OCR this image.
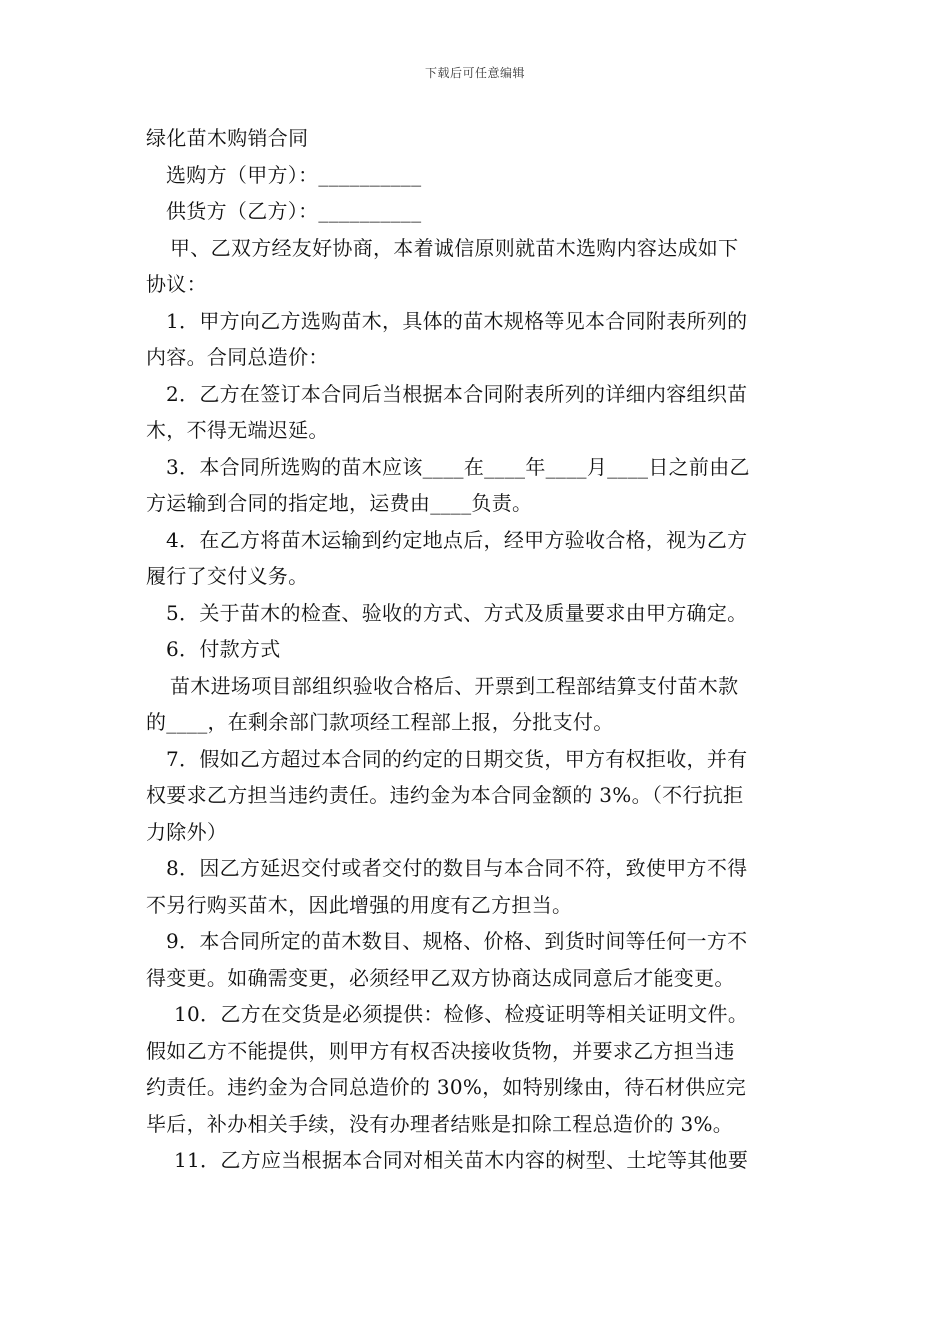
下载后可任意编辑
绿化苗木购销合同
选购方（甲方）：__________
供货方（乙方）：__________
甲、乙双方经友好协商，本着诚信原则就苗木选购内容达成如下
协议：
1．甲方向乙方选购苗木，具体的苗木规格等见本合同附表所列的
内容。合同总造价：
2．乙方在签订本合同后当根据本合同附表所列的详细内容组织苗
木，不得无端迟延。
3．本合同所选购的苗木应该____在____年____月____日之前由乙
方运输到合同的指定地，运费由____负责。
4．在乙方将苗木运输到约定地点后，经甲方验收合格，视为乙方
履行了交付义务。
5．关于苗木的检查、验收的方式、方式及质量要求由甲方确定。
6．付款方式
苗木进场项目部组织验收合格后、开票到工程部结算支付苗木款
的____，在剩余部门款项经工程部上报，分批支付。
7．假如乙方超过本合同的约定的日期交货，甲方有权拒收，并有
权要求乙方担当违约责任。违约金为本合同金额的 3%。（不行抗拒
力除外）
8．因乙方延迟交付或者交付的数目与本合同不符，致使甲方不得
不另行购买苗木，因此增强的用度有乙方担当。
9．本合同所定的苗木数目、规格、价格、到货时间等任何一方不
得变更。如确需变更，必须经甲乙双方协商达成同意后才能变更。
10．乙方在交货是必须提供：检修、检疫证明等相关证明文件。
假如乙方不能提供，则甲方有权否决接收货物，并要求乙方担当违
约责任。违约金为合同总造价的 30%，如特别缘由，待石材供应完
毕后，补办相关手续，没有办理者结账是扣除工程总造价的 3%。
11．乙方应当根据本合同对相关苗木内容的树型、土坨等其他要
